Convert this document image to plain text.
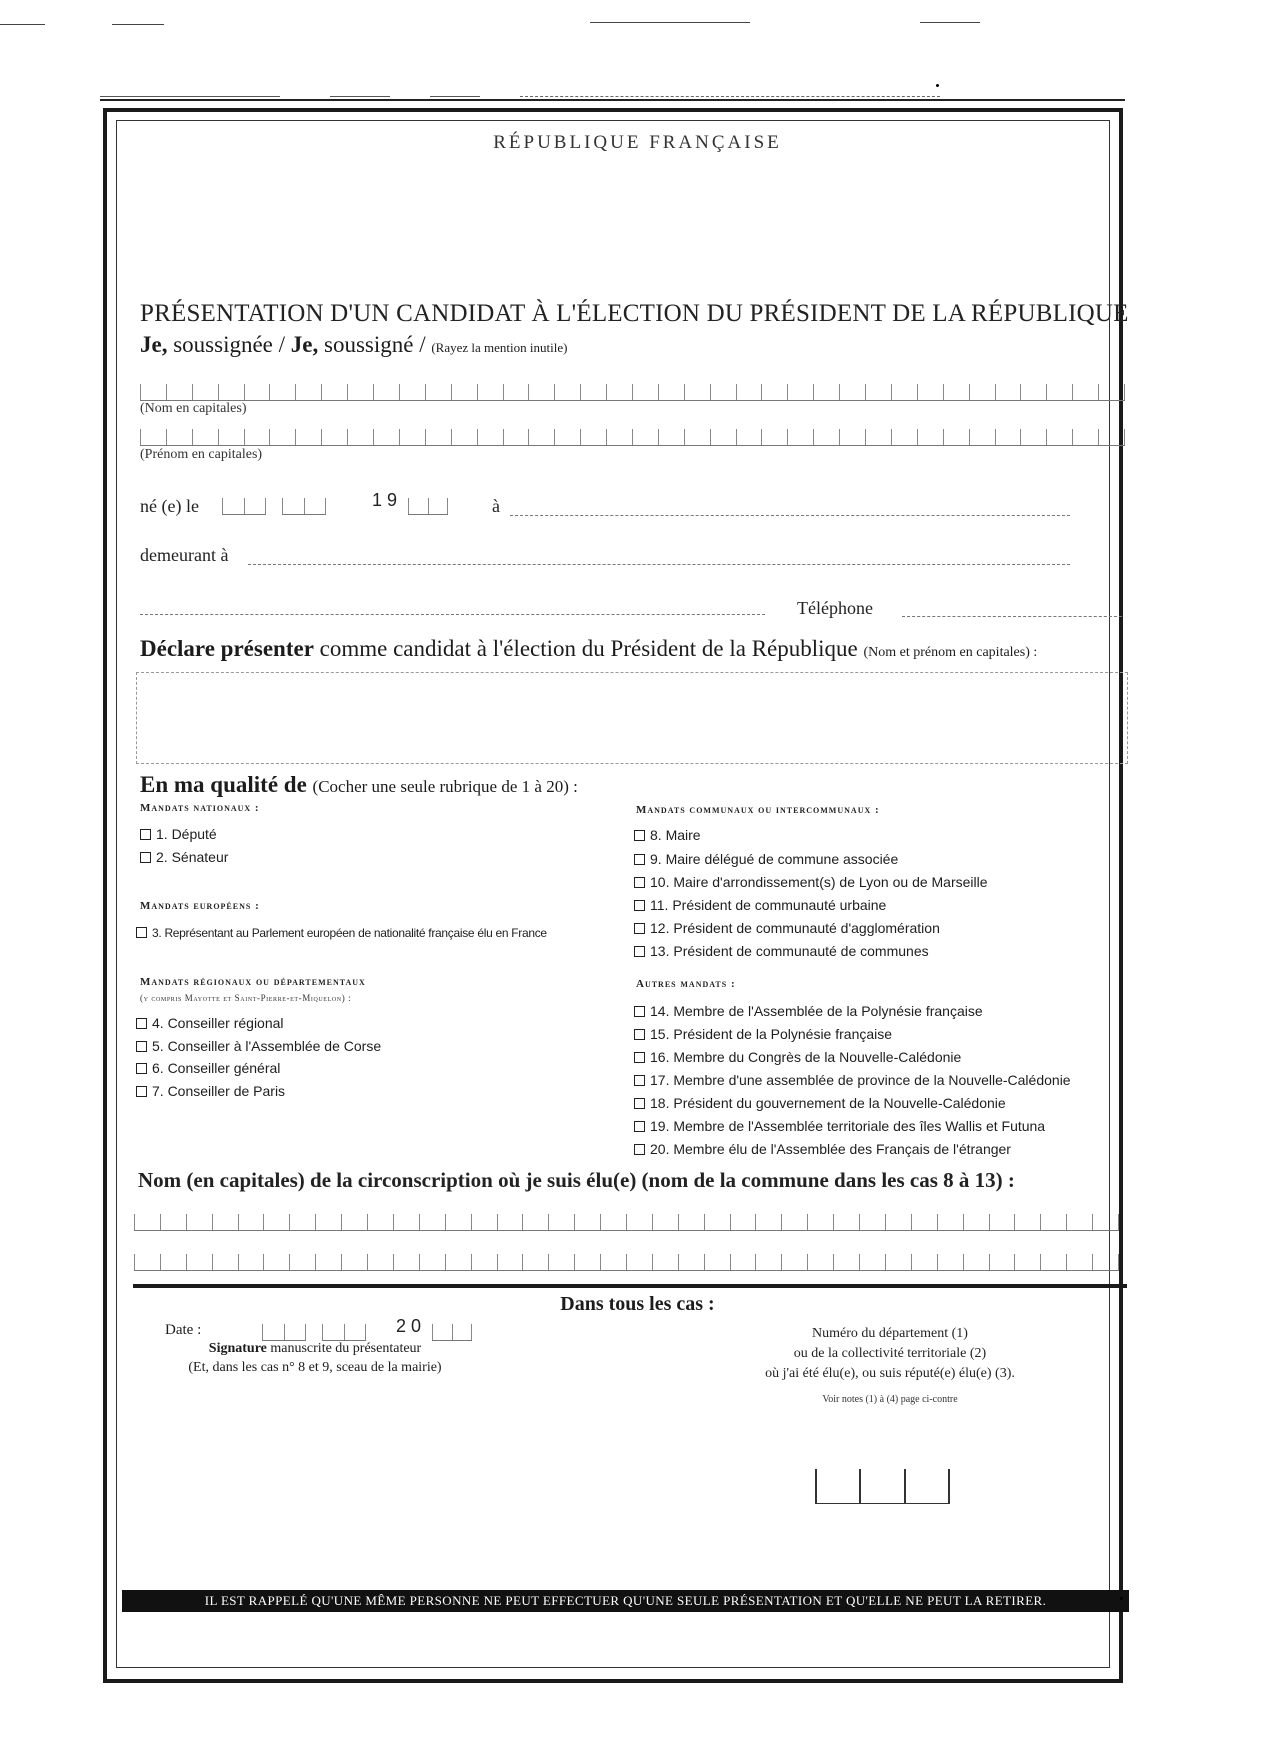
RÉPUBLIQUE FRANÇAISE
PRÉSENTATION D'UN CANDIDAT À L'ÉLECTION DU PRÉSIDENT DE LA RÉPUBLIQUE
Je, soussignée / Je, soussigné / (Rayez la mention inutile)
(Nom en capitales)
(Prénom en capitales)
né (e) le	1 9	à
demeurant à
Téléphone
Déclare présenter comme candidat à l'élection du Président de la République (Nom et prénom en capitales) :
En ma qualité de (Cocher une seule rubrique de 1 à 20) :
Mandats nationaux :
1. Député
2. Sénateur
Mandats européens :
3. Représentant au Parlement européen de nationalité française élu en France
Mandats régionaux ou départementaux
(y compris Mayotte et Saint-Pierre-et-Miquelon) :
4. Conseiller régional
5. Conseiller à l'Assemblée de Corse
6. Conseiller général
7. Conseiller de Paris
Mandats communaux ou intercommunaux :
8. Maire
9. Maire délégué de commune associée
10. Maire d'arrondissement(s) de Lyon ou de Marseille
11. Président de communauté urbaine
12. Président de communauté d'agglomération
13. Président de communauté de communes
Autres mandats :
14. Membre de l'Assemblée de la Polynésie française
15. Président de la Polynésie française
16. Membre du Congrès de la Nouvelle-Calédonie
17. Membre d'une assemblée de province de la Nouvelle-Calédonie
18. Président du gouvernement de la Nouvelle-Calédonie
19. Membre de l'Assemblée territoriale des îles Wallis et Futuna
20. Membre élu de l'Assemblée des Français de l'étranger
Nom (en capitales) de la circonscription où je suis élu(e) (nom de la commune dans les cas 8 à 13) :
Dans tous les cas :
Date :	2 0
Signature manuscrite du présentateur
(Et, dans les cas n° 8 et 9, sceau de la mairie)
Numéro du département (1)
ou de la collectivité territoriale (2)
où j'ai été élu(e), ou suis réputé(e) élu(e) (3).
Voir notes (1) à (4) page ci-contre
IL EST RAPPELÉ QU'UNE MÊME PERSONNE NE PEUT EFFECTUER QU'UNE SEULE PRÉSENTATION ET QU'ELLE NE PEUT LA RETIRER.
